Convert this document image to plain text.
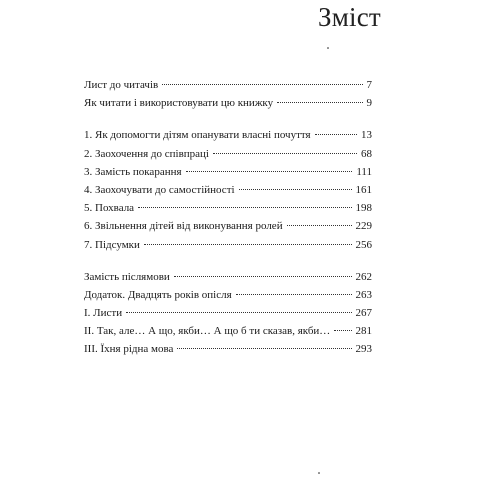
Зміст
Лист до читачів	7
Як читати і використовувати цю книжку	9
1. Як допомогти дітям опанувати власні почуття	13
2. Заохочення до співпраці	68
3. Замість покарання	111
4. Заохочувати до самостійності	161
5. Похвала	198
6. Звільнення дітей від виконування ролей	229
7. Підсумки	256
Замість післямови	262
Додаток. Двадцять років опісля	263
I. Листи	267
II. Так, але… А що, якби… А що б ти сказав, якби… 281
III. Їхня рідна мова	293
